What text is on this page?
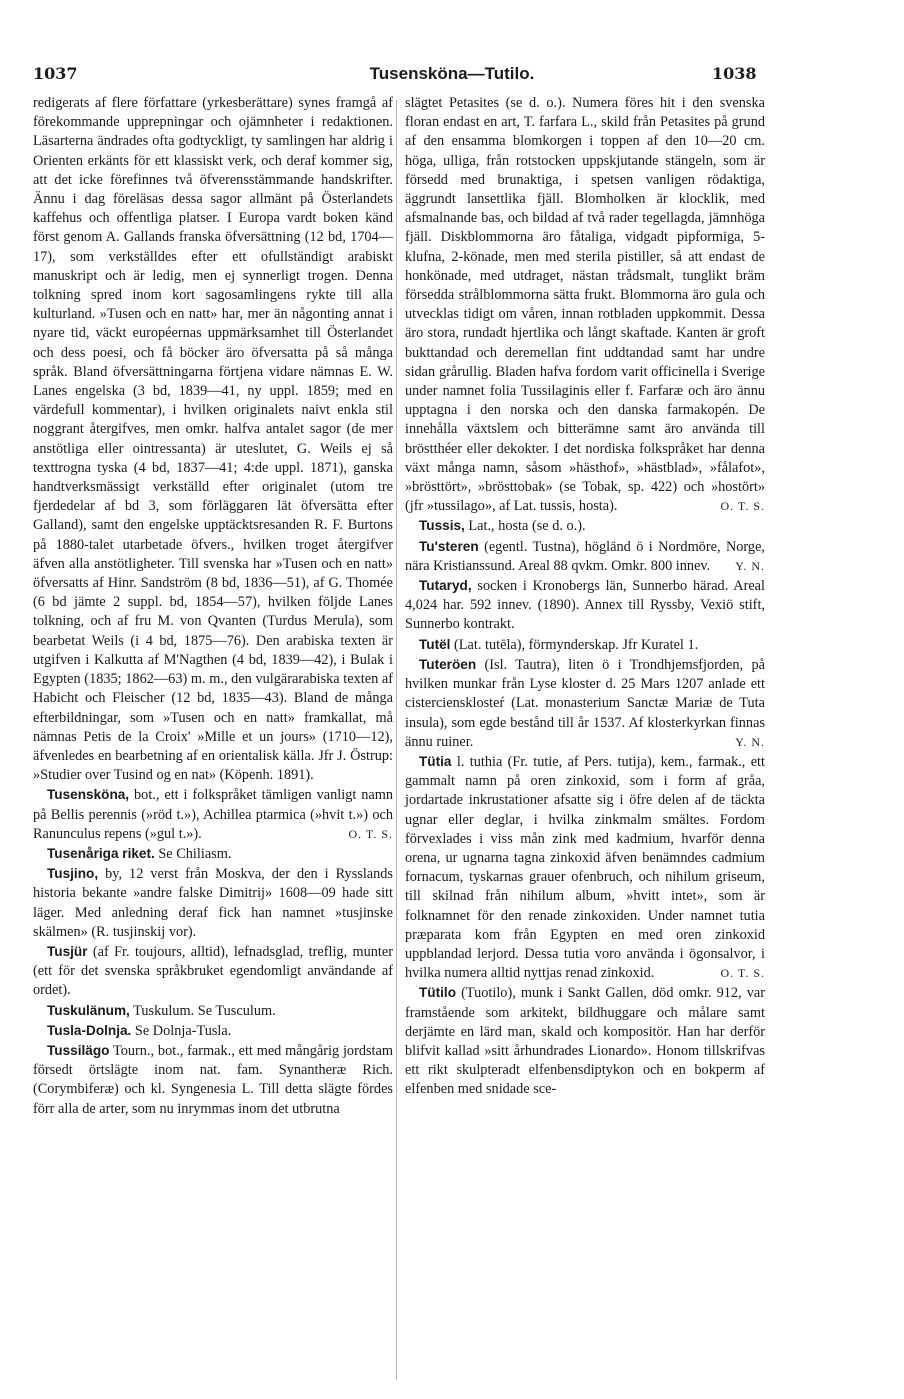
1037	Tusensköna—Tutilo.	1038

redigerats af flere författare (yrkesberättare) synes framgå af förekommande upprepningar och ojämnheter i redaktionen. Läsarterna ändrades ofta godtyckligt, ty samlingen har aldrig i Orienten erkänts för ett klassiskt verk, och deraf kommer sig, att det icke förefinnes två öfverensstämmande handskrifter. Ännu i dag föreläsas dessa sagor allmänt på Österlandets kaffehus och offentliga platser. I Europa vardt boken känd först genom A. Gallands franska öfversättning (12 bd, 1704—17), som verkställdes efter ett ofullständigt arabiskt manuskript och är ledig, men ej synnerligt trogen. Denna tolkning spred inom kort sagosamlingens rykte till alla kulturland. »Tusen och en natt» har, mer än någonting annat i nyare tid, väckt européernas uppmärksamhet till Österlandet och dess poesi, och få böcker äro öfversatta på så många språk. Bland öfversättningarna förtjena vidare nämnas E. W. Lanes engelska (3 bd, 1839—41, ny uppl. 1859; med en värdefull kommentar), i hvilken originalets naivt enkla stil noggrant återgifves, men omkr. halfva antalet sagor (de mer anstötliga eller ointressanta) är uteslutet, G. Weils ej så texttrogna tyska (4 bd, 1837—41; 4:de uppl. 1871), ganska handtverksmässigt verkställd efter originalet (utom tre fjerdedelar af bd 3, som förläggaren lät öfversätta efter Galland), samt den engelske upptäcktsresanden R. F. Burtons på 1880-talet utarbetade öfvers., hvilken troget återgifver äfven alla anstötligheter. Till svenska har »Tusen och en natt» öfversatts af Hinr. Sandström (8 bd, 1836—51), af G. Thomée (6 bd jämte 2 suppl. bd, 1854—57), hvilken följde Lanes tolkning, och af fru M. von Qvanten (Turdus Merula), som bearbetat Weils (i 4 bd, 1875—76). Den arabiska texten är utgifven i Kalkutta af M'Nagthen (4 bd, 1839—42), i Bulak i Egypten (1835; 1862—63) m. m., den vulgärarabiska texten af Habicht och Fleischer (12 bd, 1835—43). Bland de många efterbildningar, som »Tusen och en natt» framkallat, må nämnas Petis de la Croix' »Mille et un jours» (1710—12), äfvenledes en bearbetning af en orientalisk källa. Jfr J. Östrup: »Studier over Tusind og en nat» (Köpenh. 1891).

Tusensköna, bot., ett i folkspråket tämligen vanligt namn på Bellis perennis (»röd t.»), Achillea ptarmica (»hvit t.») och Ranunculus repens (»gul t.»).	O. T. S.

Tusenåriga riket. Se Chiliasm.

Tusjino, by, 12 verst från Moskva, der den i Rysslands historia bekante »andre falske Dimitrij» 1608—09 hade sitt läger. Med anledning deraf fick han namnet »tusjinske skälmen» (R. tusjinskij vor).

Tusjür (af Fr. toujours, alltid), lefnadsglad, treflig, munter (ett för det svenska språkbruket egendomligt användande af ordet).

Tuskulänum, Tuskulum. Se Tusculum.

Tusla-Dolnja. Se Dolnja-Tusla.

Tussilägo Tourn., bot., farmak., ett med mångårig jordstam försedt örtslägte inom nat. fam. Synantheræ Rich. (Corymbiferæ) och kl. Syngenesia L. Till detta slägte fördes förr alla de arter, som nu inrymmas inom det utbrutna

slägtet Petasites (se d. o.). Numera föres hit i den svenska floran endast en art, T. farfara L., skild från Petasites på grund af den ensamma blomkorgen i toppen af den 10—20 cm. höga, ulliga, från rotstocken uppskjutande stängeln, som är försedd med brunaktiga, i spetsen vanligen rödaktiga, äggrundt lansettlika fjäll. Blomholken är klocklik, med afsmalnande bas, och bildad af två rader tegellagda, jämnhöga fjäll. Diskblommorna äro fåtaliga, vidgadt pipformiga, 5-klufna, 2-könade, men med sterila pistiller, så att endast de honkönade, med utdraget, nästan trådsmalt, tunglikt bräm försedda strålblommorna sätta frukt. Blommorna äro gula och utvecklas tidigt om våren, innan rotbladen uppkommit. Dessa äro stora, rundadt hjertlika och långt skaftade. Kanten är groft bukttandad och deremellan fint uddtandad samt har undre sidan grårullig. Bladen hafva fordom varit officinella i Sverige under namnet folia Tussilaginis eller f. Farfaræ och äro ännu upptagna i den norska och den danska farmakopén. De innehålla växtslem och bitterämne samt äro använda till bröstthéer eller dekokter. I det nordiska folkspråket har denna växt många namn, såsom »hästhof», »hästblad», »fålafot», »brösttört», »brösttobak» (se Tobak, sp. 422) och »hostört» (jfr »tussilago», af Lat. tussis, hosta).	O. T. S.

Tussis, Lat., hosta (se d. o.).

Tu'steren (egentl. Tustna), högländ ö i Nordmöre, Norge, nära Kristianssund. Areal 88 qvkm. Omkr. 800 innev.	Y. N.

Tutaryd, socken i Kronobergs län, Sunnerbo härad. Areal 4,024 har. 592 innev. (1890). Annex till Ryssby, Vexiö stift, Sunnerbo kontrakt.

Tutël (Lat. tutēla), förmynderskap. Jfr Kuratel 1.

Tuteröen (Isl. Tautra), liten ö i Trondhjemsfjorden, på hvilken munkar från Lyse kloster d. 25 Mars 1207 anlade ett cisterciensklosteŕ (Lat. monasterium Sanctæ Mariæ de Tuta insula), som egde bestånd till år 1537. Af klosterkyrkan finnas ännu ruiner.	Y. N.

Tütia l. tuthia (Fr. tutie, af Pers. tutija), kem., farmak., ett gammalt namn på oren zinkoxid, som i form af gråa, jordartade inkrustationer afsatte sig i öfre delen af de täckta ugnar eller deglar, i hvilka zinkmalm smältes. Fordom förvexlades i viss mån zink med kadmium, hvarför denna orena, ur ugnarna tagna zinkoxid äfven benämndes cadmium fornacum, tyskarnas grauer ofenbruch, och nihilum griseum, till skilnad från nihilum album, »hvitt intet», som är folknamnet för den renade zinkoxiden. Under namnet tutia præparata kom från Egypten en med oren zinkoxid uppblandad lerjord. Dessa tutia voro använda i ögonsalvor, i hvilka numera alltid nyttjas renad zinkoxid.	O. T. S.

Tütilo (Tuotilo), munk i Sankt Gallen, död omkr. 912, var framstående som arkitekt, bildhuggare och målare samt derjämte en lärd man, skald och kompositör. Han har derför blifvit kallad »sitt århundrades Lionardo». Honom tillskrifvas ett rikt skulpteradt elfenbensdiptykon och en bokperm af elfenben med snidade sce-
